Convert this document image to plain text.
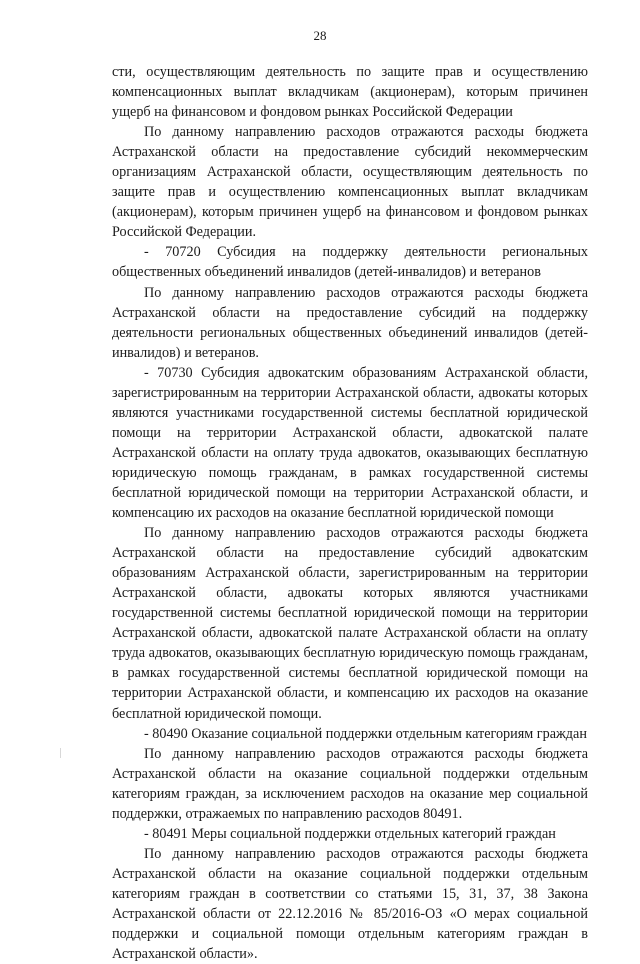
28

сти, осуществляющим деятельность по защите прав и осуществлению компенсационных выплат вкладчикам (акционерам), которым причинен ущерб на финансовом и фондовом рынках Российской Федерации

По данному направлению расходов отражаются расходы бюджета Астраханской области на предоставление субсидий некоммерческим организациям Астраханской области, осуществляющим деятельность по защите прав и осуществлению компенсационных выплат вкладчикам (акционерам), которым причинен ущерб на финансовом и фондовом рынках Российской Федерации.

- 70720 Субсидия на поддержку деятельности региональных общественных объединений инвалидов (детей-инвалидов) и ветеранов

По данному направлению расходов отражаются расходы бюджета Астраханской области на предоставление субсидий на поддержку деятельности региональных общественных объединений инвалидов (детей-инвалидов) и ветеранов.

- 70730 Субсидия адвокатским образованиям Астраханской области, зарегистрированным на территории Астраханской области, адвокаты которых являются участниками государственной системы бесплатной юридической помощи на территории Астраханской области, адвокатской палате Астраханской области на оплату труда адвокатов, оказывающих бесплатную юридическую помощь гражданам, в рамках государственной системы бесплатной юридической помощи на территории Астраханской области, и компенсацию их расходов на оказание бесплатной юридической помощи

По данному направлению расходов отражаются расходы бюджета Астраханской области на предоставление субсидий адвокатским образованиям Астраханской области, зарегистрированным на территории Астраханской области, адвокаты которых являются участниками государственной системы бесплатной юридической помощи на территории Астраханской области, адвокатской палате Астраханской области на оплату труда адвокатов, оказывающих бесплатную юридическую помощь гражданам, в рамках государственной системы бесплатной юридической помощи на территории Астраханской области, и компенсацию их расходов на оказание бесплатной юридической помощи.

- 80490 Оказание социальной поддержки отдельным категориям граждан

По данному направлению расходов отражаются расходы бюджета Астраханской области на оказание социальной поддержки отдельным категориям граждан, за исключением расходов на оказание мер социальной поддержки, отражаемых по направлению расходов 80491.

- 80491 Меры социальной поддержки отдельных категорий граждан

По данному направлению расходов отражаются расходы бюджета Астраханской области на оказание социальной поддержки отдельным категориям граждан в соответствии со статьями 15, 31, 37, 38 Закона Астраханской области от 22.12.2016 № 85/2016-ОЗ «О мерах социальной поддержки и социальной помощи отдельным категориям граждан в Астраханской области».
